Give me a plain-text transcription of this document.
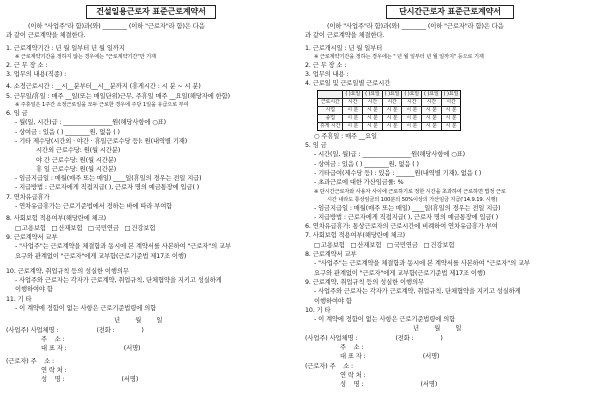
건설일용근로자 표준근로계약서
(이하 "사업주"라 함)과(와) ________ (이하 "근로자"라 함)은 다음
과 같이 근로계약을 체결한다.
1. 근로계약기간 : 년 월 일부터 년 월 일까지
※ 근로계약기간을 정하지 않는 경우에는 "근로계약기간"만 기재
2. 근 무 장 소 :
3. 업무의 내용(직종) :
4. 소정근로시간 : __시__분부터__시__분까지 (휴게시간 : 시 분 ~ 시 분)
5. 근무일/휴일 : 매주 __일(또는 매일단위)근무, 주휴일 매주 __요일(해당자에 한함)
※ 주휴일은 1주간 소정근로일을 모두 근로한 경우에 주당 1일을 유급으로 부여
6. 임 금
- 월(일, 시간)급 : ________________원(해당사항에 ○표)
- 상여금 : 있음 ( ) ________원, 없음 ( )
- 기타 제수당(시간외 · 야간 · 휴일근로수당 등): 원(내역별 기재)
시간외 근로수당: 원(월 시간분)
야 간 근로수당: 원(월 시간분)
휴 일 근로수당: 원(월 시간분)
- 임금지급일 : 매월(매주 또는 매일) ____일(휴일의 경우는 전일 지급)
- 지급방법 : 근로자에게 직접지급( ), 근로자 명의 예금통장에 입금( )
7. 연차유급휴가
- 연차유급휴가는 근로기준법에서 정하는 바에 따라 부여함
8. 사회보험 적용여부(해당란에 체크)
□ 고용보험 □ 산재보험 □ 국민연금 □ 건강보험
9. 근로계약서 교부
- "사업주"는 근로계약을 체결함과 동시에 본 계약서를 사본하여 "근로자"의 교부
요구와 관계없이 "근로자"에게 교부함(근로기준법 제17조 이행)
10. 근로계약, 취업규칙 등의 성실한 이행의무
- 사업주와 근로자는 각자가 근로계약, 취업규칙, 단체협약을 지키고 성실하게
이행하여야 함
11. 기 타
- 이 계약에 정함이 없는 사항은 근로기준법령에 의함
년        월        일
(사업주) 사업체명 :                    (전화 :              )
주    소 :
대 표 자 :                              (서명)
(근로자) 주    소 :
연 락 처 :
성    명 :                              (서명)
단시간근로자 표준근로계약서
(이하 "사업주"라 함)과(와) ________ (이하 "근로자"라 함)은 다음
과 같이 근로계약을 체결한다.
1. 근로개시일 : 년 월 일부터
※ 근로계약기간을 정하는 경우에는 " 년 월 일부터 년 월 일까지" 등으로 기재
2. 근 무 장 소 :
3. 업무의 내용 :
4. 근로일 및 근로일별 근로시간
	( )요일	( )요일	( )요일	( )요일	( )요일	( )요일
근로시간	시간	시간	시간	시간	시간	시간
시업	시 분	시 분	시 분	시 분	시 분	시 분
종업	시 분	시 분	시 분	시 분	시 분	시 분
휴게 시간	시 분	시 분	시 분	시 분	시 분	시 분
○ 주휴일 : 매주 __요일
5. 임 금
- 시간(일, 월)급 : ________________원(해당사항에 ○표)
- 상여금 : 있음 ( ) ________원, 없음 ( )
- 기타급여(제수당 등) : 있음 : ______원(내역별 기재), 없음 ( )
- 초과근로에 대한 가산임금률: %
※ 단시간근로자와 사용자 사이에 근로하기로 정한 시간을 초과하여 근로하면 법정 근로
시간 내라도 통상임금의 100분의 50%이상의 가산임금 지급('14.9.19. 시행)
- 임금지급일 : 매월(매주 또는 매일) ____일(휴일의 경우는 전일 지급)
- 지급방법 : 근로자에게 직접지급( ), 근로자 명의 예금통장에 입금( )
6. 연차유급휴가: 통상근로자의 근로시간에 비례하여 연차유급휴가 부여
7. 사회보험 적용여부(해당란에 체크)
□ 고용보험 □ 산재보험 □ 국민연금 □ 건강보험
8. 근로계약서 교부
- "사업주"는 근로계약을 체결함과 동시에 본 계약서를 사본하여 "근로자"의 교부
요구와 관계없이 "근로자"에게 교부함(근로기준법 제17조 이행)
9. 근로계약, 취업규칙 등의 성실한 이행의무
- 사업주와 근로자는 각자가 근로계약, 취업규칙, 단체협약을 지키고 성실하게
이행하여야 함
10. 기 타
- 이 계약에 정함이 없는 사항은 근로기준법령에 의함
년        월        일
(사업주) 사업체명 :                    (전화 :              )
주    소 :
대 표 자 :                              (서명)
(근로자) 주    소 :
연 락 처 :
성    명 :                              (서명)
